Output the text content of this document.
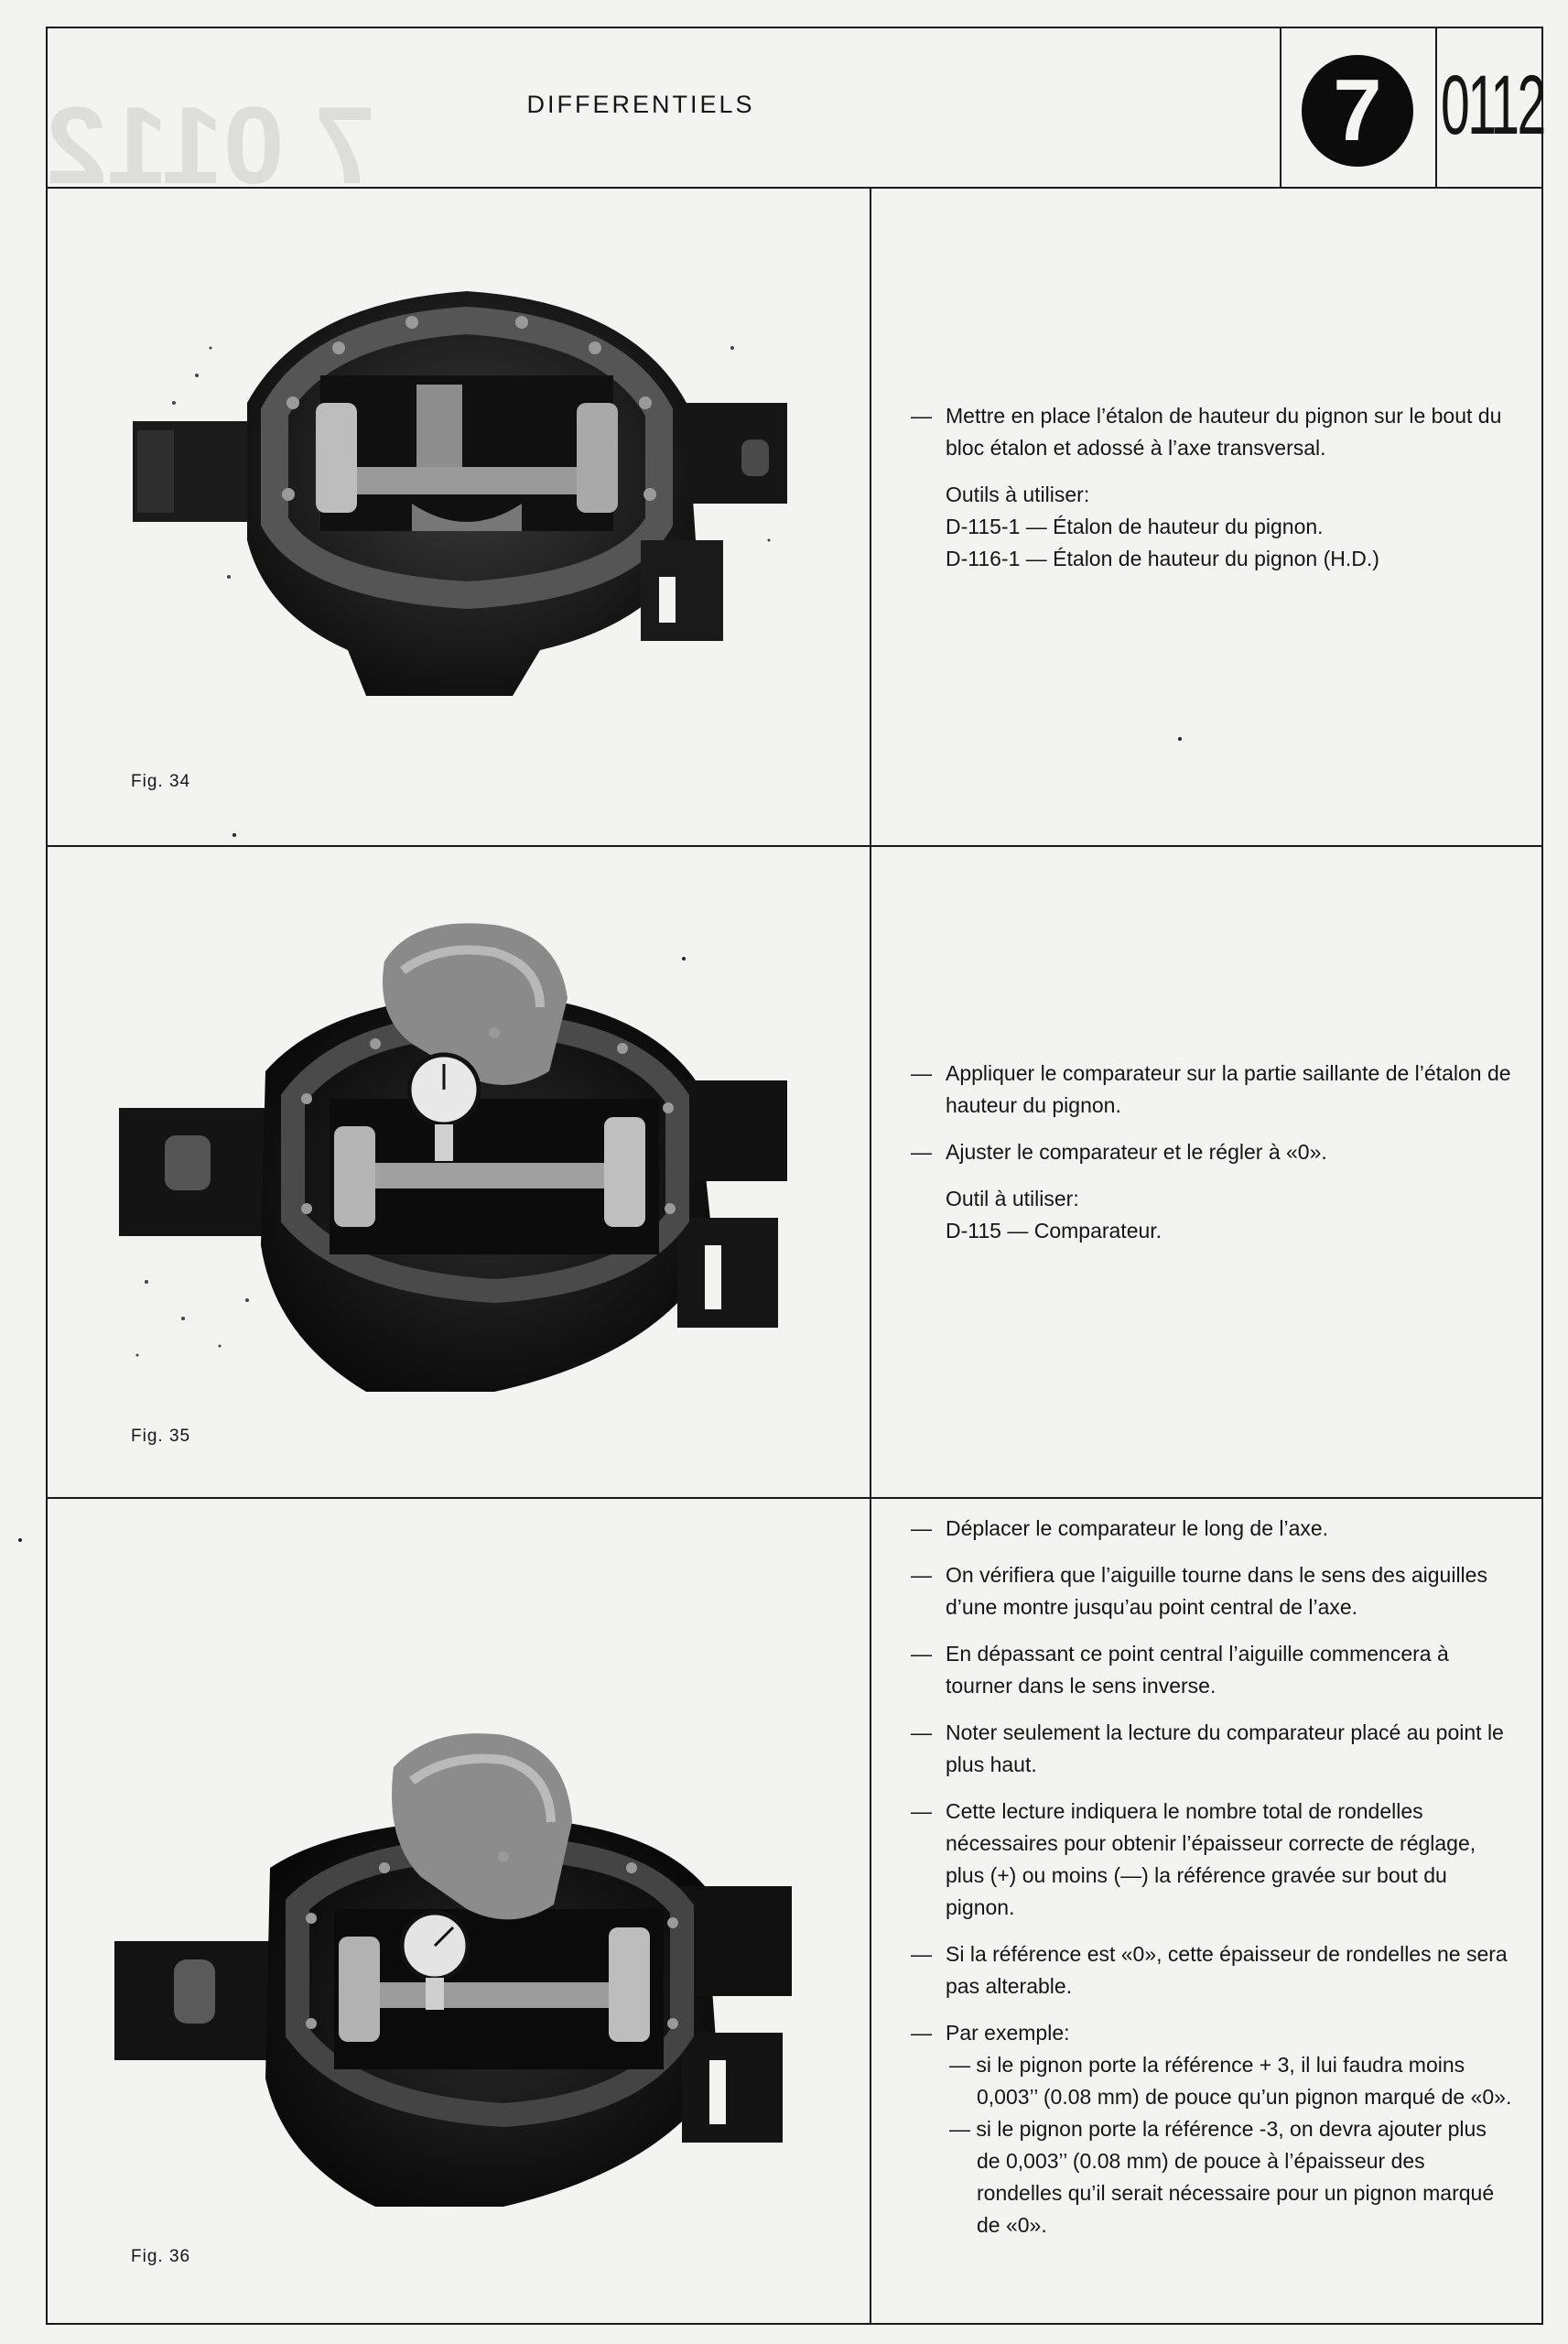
7 0112	DIFFERENTIELS	7 0112
Fig. 34
Fig. 35
Fig. 36
— Mettre en place l’étalon de hauteur du pignon sur le bout du bloc étalon et adossé à l’axe transversal.
Outils à utiliser:
D-115-1 — Étalon de hauteur du pignon.
D-116-1 — Étalon de hauteur du pignon (H.D.)
— Appliquer le comparateur sur la partie saillante de l’étalon de hauteur du pignon.
— Ajuster le comparateur et le régler à «0».
Outil à utiliser:
D-115 — Comparateur.
— Déplacer le comparateur le long de l’axe.
— On vérifiera que l’aiguille tourne dans le sens des aiguilles d’une montre jusqu’au point central de l’axe.
— En dépassant ce point central l’aiguille commencera à tourner dans le sens inverse.
— Noter seulement la lecture du comparateur placé au point le plus haut.
— Cette lecture indiquera le nombre total de rondelles nécessaires pour obtenir l’épaisseur correcte de réglage, plus (+) ou moins (—) la référence gravée sur bout du pignon.
— Si la référence est «0», cette épaisseur de rondelles ne sera pas alterable.
— Par exemple:
— si le pignon porte la référence + 3, il lui faudra moins 0,003’’ (0.08 mm) de pouce qu’un pignon marqué de «0».
— si le pignon porte la référence -3, on devra ajouter plus de 0,003’’ (0.08 mm) de pouce à l’épaisseur des rondelles qu’il serait nécessaire pour un pignon marqué de «0».
